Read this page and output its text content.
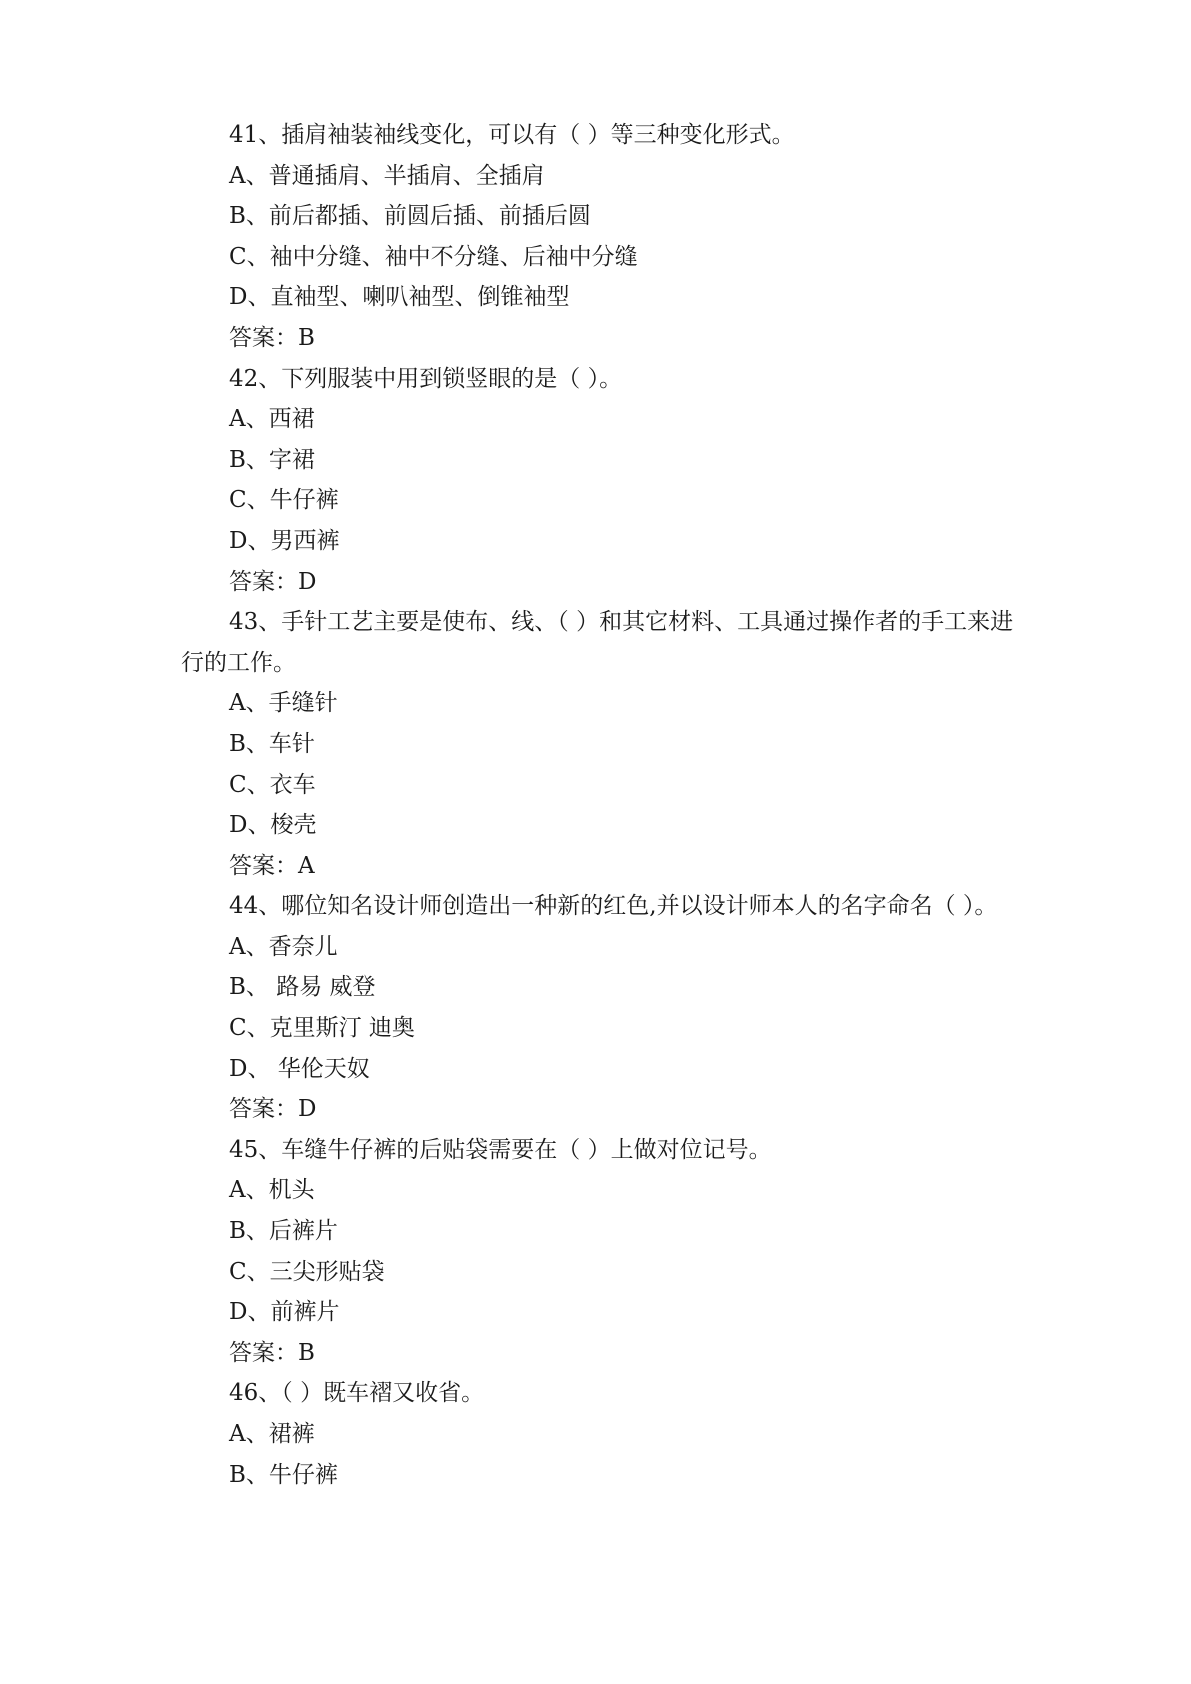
41、插肩袖装袖线变化，可以有（ ）等三种变化形式。
A、普通插肩、半插肩、全插肩
B、前后都插、前圆后插、前插后圆
C、袖中分缝、袖中不分缝、后袖中分缝
D、直袖型、喇叭袖型、倒锥袖型
答案：B
42、下列服装中用到锁竖眼的是（ ）。
A、西裙
B、字裙
C、牛仔裤
D、男西裤
答案：D
43、手针工艺主要是使布、线、（ ）和其它材料、工具通过操作者的手工来进行的工作。
A、手缝针
B、车针
C、衣车
D、梭壳
答案：A
44、哪位知名设计师创造出一种新的红色,并以设计师本人的名字命名（ ）。
A、香奈儿
B、 路易 威登
C、克里斯汀 迪奥
D、 华伦天奴
答案：D
45、车缝牛仔裤的后贴袋需要在（ ）上做对位记号。
A、机头
B、后裤片
C、三尖形贴袋
D、前裤片
答案：B
46、（ ）既车褶又收省。
A、裙裤
B、牛仔裤
